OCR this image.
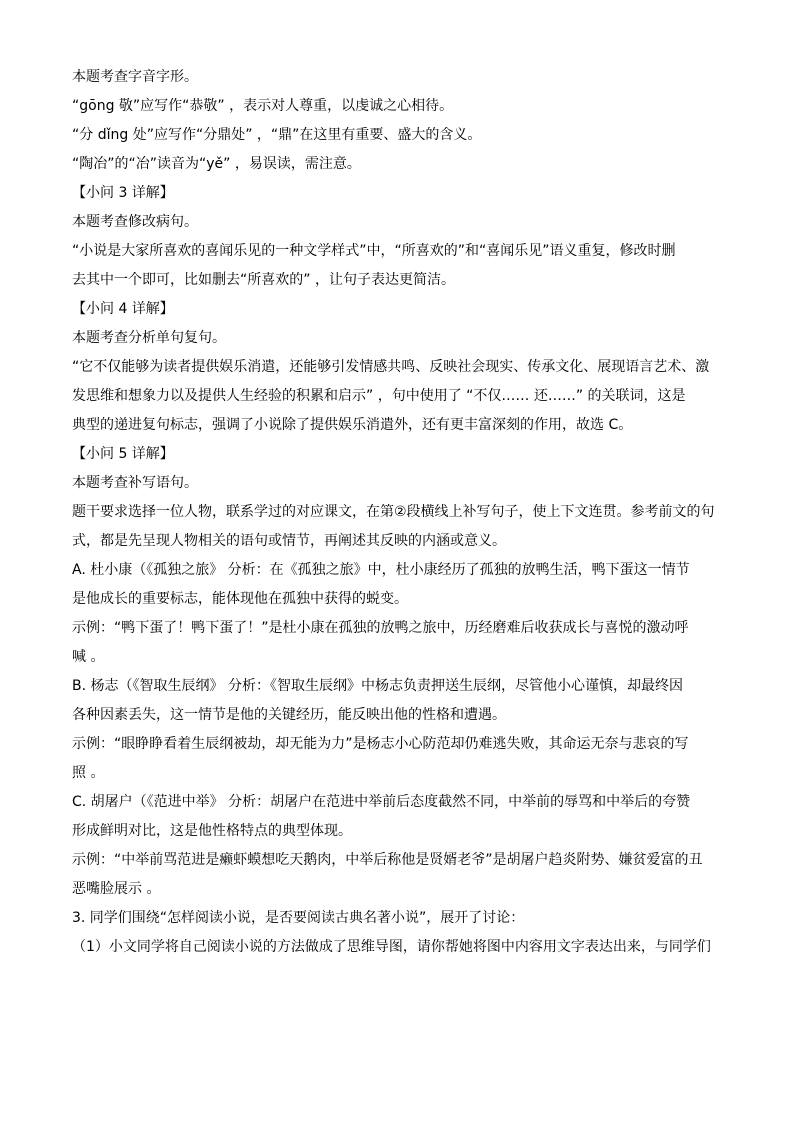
本题考查字音字形。
“gōng 敬”应写作“恭敬” ，表示对人尊重，以虔诚之心相待。
“分 dǐng 处”应写作“分鼎处” ，“鼎”在这里有重要、盛大的含义。
“陶冶”的“冶”读音为“yě” ，易误读，需注意。
【小问 3 详解】
本题考查修改病句。
“小说是大家所喜欢的喜闻乐见的一种文学样式”中，“所喜欢的”和“喜闻乐见”语义重复，修改时删
去其中一个即可，比如删去“所喜欢的” ，让句子表达更简洁。
【小问 4 详解】
本题考查分析单句复句。
“它不仅能够为读者提供娱乐消遣，还能够引发情感共鸣、反映社会现实、传承文化、展现语言艺术、激
发思维和想象力以及提供人生经验的积累和启示” ，句中使用了 “不仅…… 还……” 的关联词，这是
典型的递进复句标志，强调了小说除了提供娱乐消遣外，还有更丰富深刻的作用，故选 C。
【小问 5 详解】
本题考查补写语句。
题干要求选择一位人物，联系学过的对应课文，在第②段横线上补写句子，使上下文连贯。参考前文的句
式，都是先呈现人物相关的语句或情节，再阐述其反映的内涵或意义。
A. 杜小康（《孤独之旅》 分析：在《孤独之旅》中，杜小康经历了孤独的放鸭生活，鸭下蛋这一情节
是他成长的重要标志，能体现他在孤独中获得的蜕变。
示例：“鸭下蛋了！鸭下蛋了！”是杜小康在孤独的放鸭之旅中，历经磨难后收获成长与喜悦的激动呼
喊 。
B. 杨志（《智取生辰纲》 分析：《智取生辰纲》中杨志负责押送生辰纲，尽管他小心谨慎，却最终因
各种因素丢失，这一情节是他的关键经历，能反映出他的性格和遭遇。
示例：“眼睁睁看着生辰纲被劫，却无能为力”是杨志小心防范却仍难逃失败，其命运无奈与悲哀的写
照 。
C. 胡屠户（《范进中举》 分析：胡屠户在范进中举前后态度截然不同，中举前的辱骂和中举后的夸赞
形成鲜明对比，这是他性格特点的典型体现。
示例：“中举前骂范进是癞虾蟆想吃天鹅肉，中举后称他是贤婿老爷”是胡屠户趋炎附势、嫌贫爱富的丑
恶嘴脸展示 。
3. 同学们围绕“怎样阅读小说，是否要阅读古典名著小说”，展开了讨论：
（1）小文同学将自己阅读小说的方法做成了思维导图，请你帮她将图中内容用文字表达出来，与同学们
